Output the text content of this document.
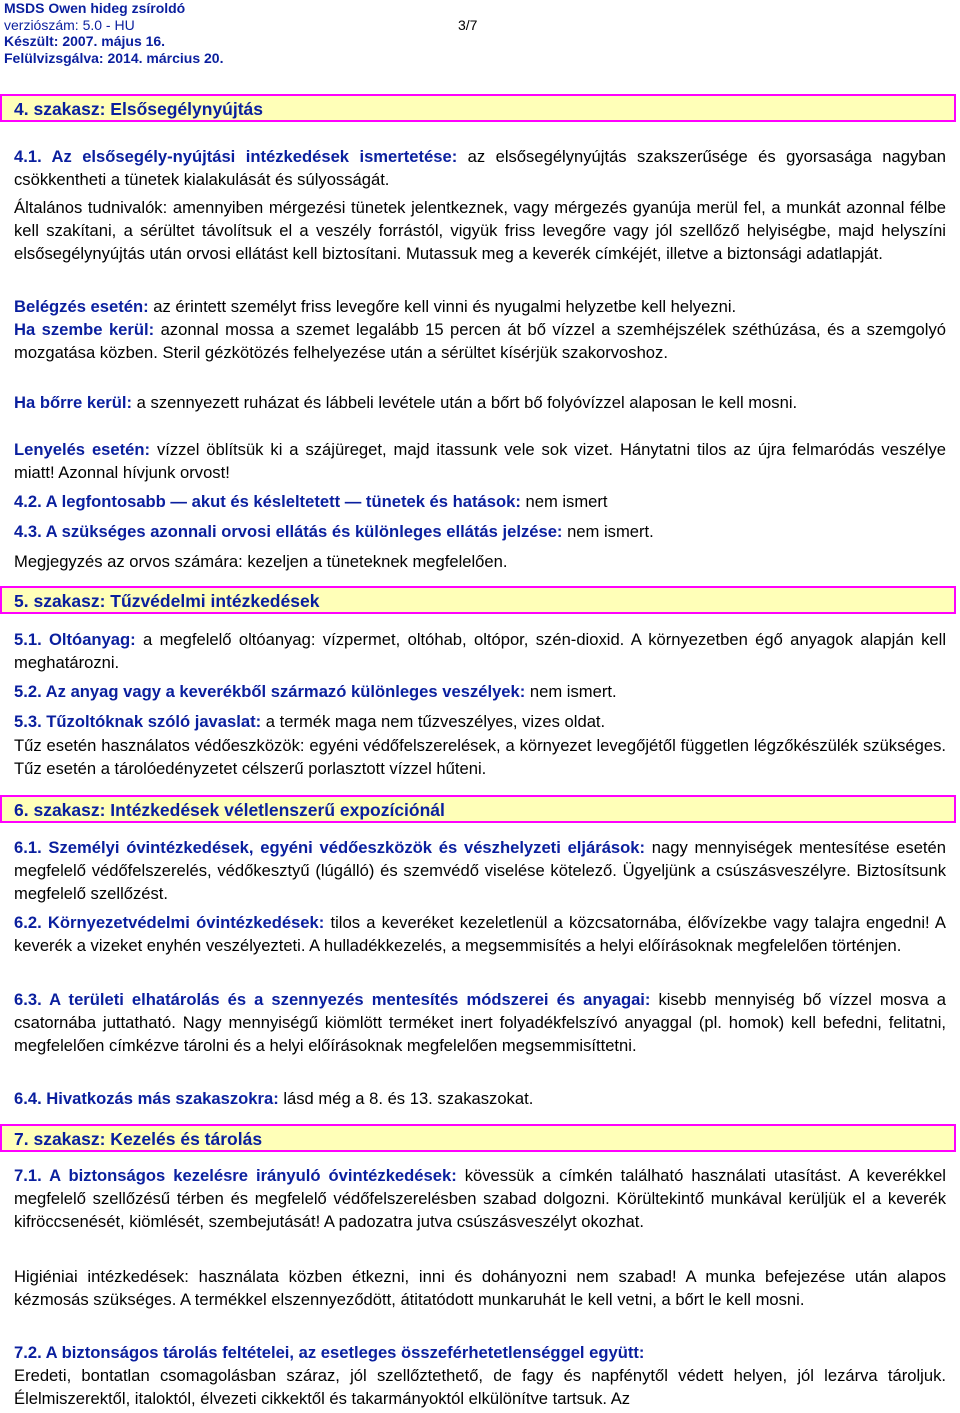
MSDS Owen hideg zsíroldó
verziószám: 5.0 - HU	3/7
Készült: 2007. május 16.
Felülvizsgálva: 2014. március 20.
4. szakasz: Elsősegélynyújtás

4.1. Az elsősegély-nyújtási intézkedések ismertetése: az elsősegélynyújtás szakszerűsége és gyorsasága nagyban csökkentheti a tünetek kialakulását és súlyosságát.

Általános tudnivalók: amennyiben mérgezési tünetek jelentkeznek, vagy mérgezés gyanúja merül fel, a munkát azonnal félbe kell szakítani, a sérültet távolítsuk el a veszély forrástól, vigyük friss levegőre vagy jól szellőző helyiségbe, majd helyszíni elsősegélynyújtás után orvosi ellátást kell biztosítani. Mutassuk meg a keverék címkéjét, illetve a biztonsági adatlapját.

Belégzés esetén: az érintett személyt friss levegőre kell vinni és nyugalmi helyzetbe kell helyezni.

Ha szembe kerül: azonnal mossa a szemet legalább 15 percen át bő vízzel a szemhéjszélek széthúzása, és a szemgolyó mozgatása közben. Steril gézkötözés felhelyezése után a sérültet kísérjük szakorvoshoz.

Ha bőrre kerül: a szennyezett ruházat és lábbeli levétele után a bőrt bő folyóvízzel alaposan le kell mosni.

Lenyelés esetén: vízzel öblítsük ki a szájüreget, majd itassunk vele sok vizet. Hánytatni tilos az újra felmaródás veszélye miatt! Azonnal hívjunk orvost!

4.2. A legfontosabb — akut és késleltetett — tünetek és hatások: nem ismert

4.3. A szükséges azonnali orvosi ellátás és különleges ellátás jelzése: nem ismert.

Megjegyzés az orvos számára: kezeljen a tüneteknek megfelelően.

5. szakasz: Tűzvédelmi intézkedések

5.1. Oltóanyag: a megfelelő oltóanyag: vízpermet, oltóhab, oltópor, szén-dioxid. A környezetben égő anyagok alapján kell meghatározni.

5.2. Az anyag vagy a keverékből származó különleges veszélyek: nem ismert.

5.3. Tűzoltóknak szóló javaslat: a termék maga nem tűzveszélyes, vizes oldat.

Tűz esetén használatos védőeszközök: egyéni védőfelszerelések, a környezet levegőjétől független légzőkészülék szükséges. Tűz esetén a tárolóedényzetet célszerű porlasztott vízzel hűteni.

6. szakasz: Intézkedések véletlenszerű expozíciónál

6.1. Személyi óvintézkedések, egyéni védőeszközök és vészhelyzeti eljárások: nagy mennyiségek mentesítése esetén megfelelő védőfelszerelés, védőkesztyű (lúgálló) és szemvédő viselése kötelező. Ügyeljünk a csúszásveszélyre. Biztosítsunk megfelelő szellőzést.

6.2. Környezetvédelmi óvintézkedések: tilos a keveréket kezeletlenül a közcsatornába, élővízekbe vagy talajra engedni! A keverék a vizeket enyhén veszélyezteti. A hulladékkezelés, a megsemmisítés a helyi előírásoknak megfelelően történjen.

6.3. A területi elhatárolás és a szennyezés mentesítés módszerei és anyagai: kisebb mennyiség bő vízzel mosva a csatornába juttatható. Nagy mennyiségű kiömlött terméket inert folyadékfelszívó anyaggal (pl. homok) kell befedni, felitatni, megfelelően címkézve tárolni és a helyi előírásoknak megfelelően megsemmisíttetni.

6.4. Hivatkozás más szakaszokra: lásd még a 8. és 13. szakaszokat.

7. szakasz: Kezelés és tárolás

7.1. A biztonságos kezelésre irányuló óvintézkedések: kövessük a címkén található használati utasítást. A keverékkel megfelelő szellőzésű térben és megfelelő védőfelszerelésben szabad dolgozni. Körültekintő munkával kerüljük el a keverék kifröccsenését, kiömlését, szembejutását! A padozatra jutva csúszásveszélyt okozhat.

Higiéniai intézkedések: használata közben étkezni, inni és dohányozni nem szabad! A munka befejezése után alapos kézmosás szükséges. A termékkel elszennyeződött, átitatódott munkaruhát le kell vetni, a bőrt le kell mosni.

7.2. A biztonságos tárolás feltételei, az esetleges összeférhetetlenséggel együtt:

Eredeti, bontatlan csomagolásban száraz, jól szellőztethető, de fagy és napfénytől védett helyen, jól lezárva tároljuk. Élelmiszerektől, italoktól, élvezeti cikkektől és takarmányoktól elkülönítve tartsuk. Az
